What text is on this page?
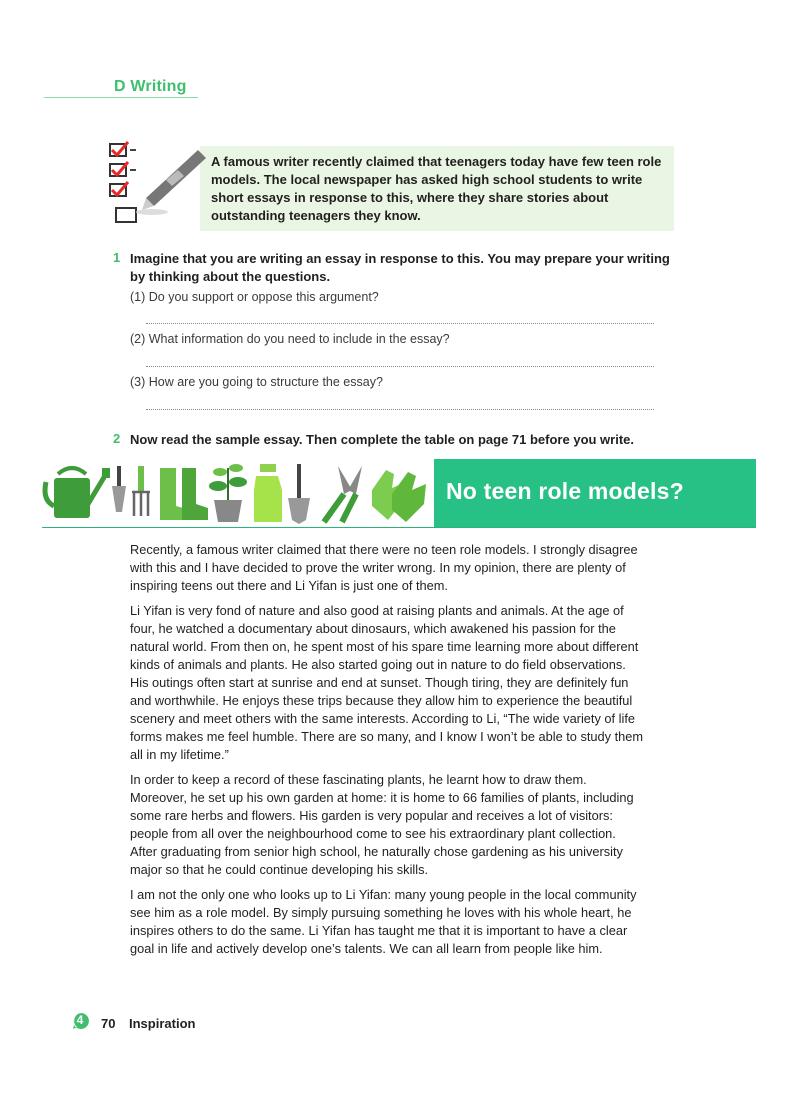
D Writing
A famous writer recently claimed that teenagers today have few teen role models. The local newspaper has asked high school students to write short essays in response to this, where they share stories about outstanding teenagers they know.
1 Imagine that you are writing an essay in response to this. You may prepare your writing by thinking about the questions.
(1) Do you support or oppose this argument?
(2) What information do you need to include in the essay?
(3) How are you going to structure the essay?
2 Now read the sample essay. Then complete the table on page 71 before you write.
No teen role models?

Recently, a famous writer claimed that there were no teen role models. I strongly disagree with this and I have decided to prove the writer wrong. In my opinion, there are plenty of inspiring teens out there and Li Yifan is just one of them.

Li Yifan is very fond of nature and also good at raising plants and animals. At the age of four, he watched a documentary about dinosaurs, which awakened his passion for the natural world. From then on, he spent most of his spare time learning more about different kinds of animals and plants. He also started going out in nature to do field observations. His outings often start at sunrise and end at sunset. Though tiring, they are definitely fun and worthwhile. He enjoys these trips because they allow him to experience the beautiful scenery and meet others with the same interests. According to Li, “The wide variety of life forms makes me feel humble. There are so many, and I know I won’t be able to study them all in my lifetime.”

In order to keep a record of these fascinating plants, he learnt how to draw them. Moreover, he set up his own garden at home: it is home to 66 families of plants, including some rare herbs and flowers. His garden is very popular and receives a lot of visitors: people from all over the neighbourhood come to see his extraordinary plant collection. After graduating from senior high school, he naturally chose gardening as his university major so that he could continue developing his skills.

I am not the only one who looks up to Li Yifan: many young people in the local community see him as a role model. By simply pursuing something he loves with his whole heart, he inspires others to do the same. Li Yifan has taught me that it is important to have a clear goal in life and actively develop one’s talents. We can all learn from people like him.

4	70 Inspiration
